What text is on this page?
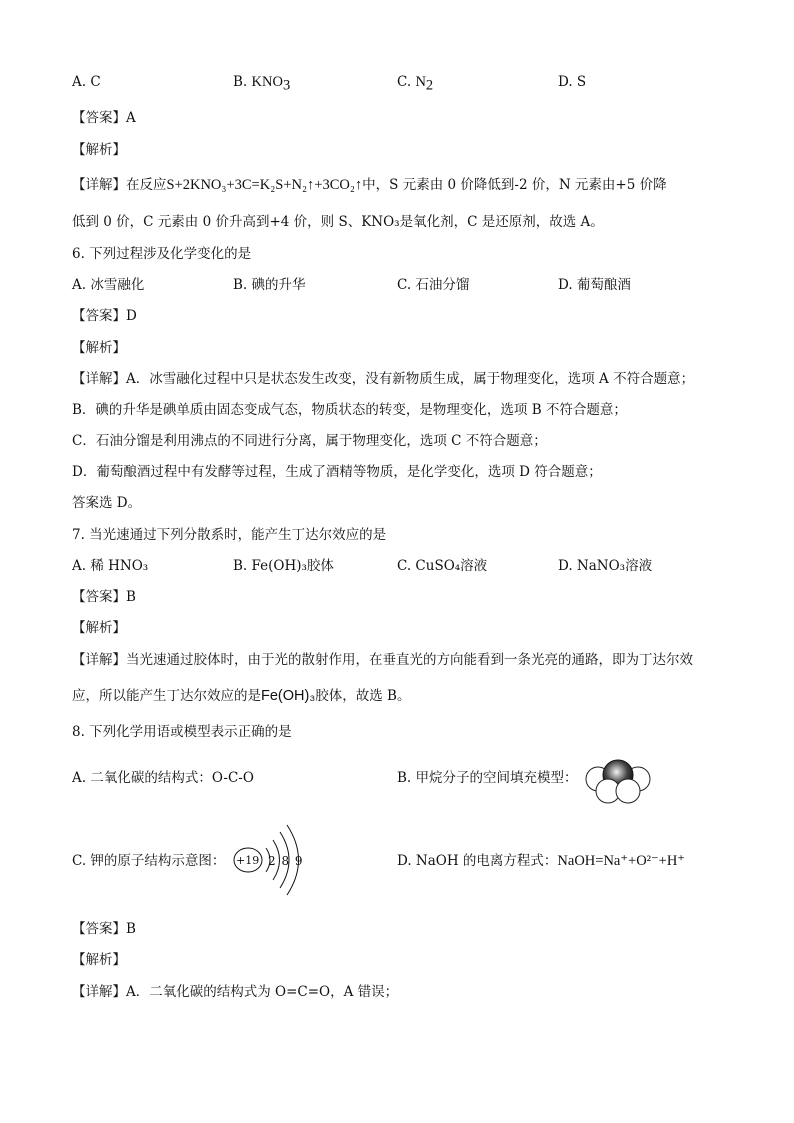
A. C	B. $KNO_3$	C. $N_2$	D. S
【答案】A
【解析】
【详解】在反应S+2KNO₃+3C=K₂S+N₂↑+3CO₂↑中，S 元素由 0 价降低到-2 价，N 元素由+5 价降
低到 0 价，C 元素由 0 价升高到+4 价，则 S、KNO₃是氧化剂，C 是还原剂，故选 A。
6. 下列过程涉及化学变化的是
A. 冰雪融化	B. 碘的升华	C. 石油分馏	D. 葡萄酿酒
【答案】D
【解析】
【详解】A．冰雪融化过程中只是状态发生改变，没有新物质生成，属于物理变化，选项 A 不符合题意；
B．碘的升华是碘单质由固态变成气态，物质状态的转变，是物理变化，选项 B 不符合题意；
C．石油分馏是利用沸点的不同进行分离，属于物理变化，选项 C 不符合题意；
D．葡萄酿酒过程中有发酵等过程，生成了酒精等物质，是化学变化，选项 D 符合题意；
答案选 D。
7. 当光速通过下列分散系时，能产生丁达尔效应的是
A. 稀 HNO₃	B. Fe(OH)₃胶体	C. CuSO₄溶液	D. NaNO₃溶液
【答案】B
【解析】
【详解】当光速通过胶体时，由于光的散射作用，在垂直光的方向能看到一条光亮的通路，即为丁达尔效
应，所以能产生丁达尔效应的是Fe(OH)₃胶体，故选 B。
8. 下列化学用语或模型表示正确的是
A. 二氧化碳的结构式：O-C-O	B. 甲烷分子的空间填充模型：
C. 钾的原子结构示意图： +19 2 8 9	D. NaOH 的电离方程式：NaOH=Na⁺+O²⁻+H⁺
【答案】B
【解析】
【详解】A．二氧化碳的结构式为 O=C=O，A 错误；
